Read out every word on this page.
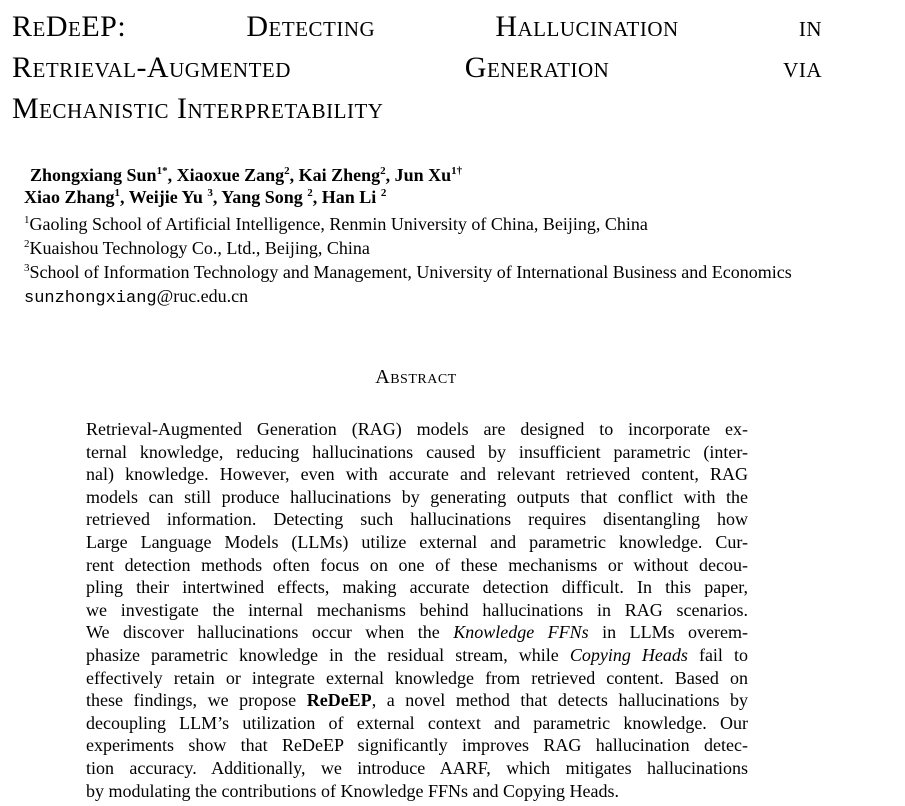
ReDeEP:	Detecting	Hallucination	in
Retrieval-Augmented	Generation	via
Mechanistic Interpretability
Zhongxiang Sun$^{1*}$, Xiaoxue Zang$^2$, Kai Zheng$^2$, Jun $Xu^{1\dagger}$
Xiao Zhang$^1$, Weijie Yu $^3$, Yang Song $^2$, Han Li $^2$
$^1$Gaoling School of Artificial Intelligence, Renmin University of China, Beijing, China
$^2$Kuaishou Technology Co., Ltd., Beijing, China
$^3$School of Information Technology and Management, University of International Business and Economics
sunzhongxiang@ruc.edu.cn
Abstract
Retrieval-Augmented Generation (RAG) models are designed to incorporate ex-
ternal knowledge, reducing hallucinations caused by insufficient parametric (inter-
nal) knowledge. However, even with accurate and relevant retrieved content, RAG
models can still produce hallucinations by generating outputs that conflict with the
retrieved information. Detecting such hallucinations requires disentangling how
Large Language Models (LLMs) utilize external and parametric knowledge. Cur-
rent detection methods often focus on one of these mechanisms or without decou-
pling their intertwined effects, making accurate detection difficult. In this paper,
we investigate the internal mechanisms behind hallucinations in RAG scenarios.
We discover hallucinations occur when the Knowledge FFNs in LLMs overem-
phasize parametric knowledge in the residual stream, while Copying Heads fail to
effectively retain or integrate external knowledge from retrieved content. Based on
these findings, we propose ReDeEP, a novel method that detects hallucinations by
decoupling LLM’s utilization of external context and parametric knowledge. Our
experiments show that ReDeEP significantly improves RAG hallucination detec-
tion accuracy. Additionally, we introduce AARF, which mitigates hallucinations
by modulating the contributions of Knowledge FFNs and Copying Heads.
